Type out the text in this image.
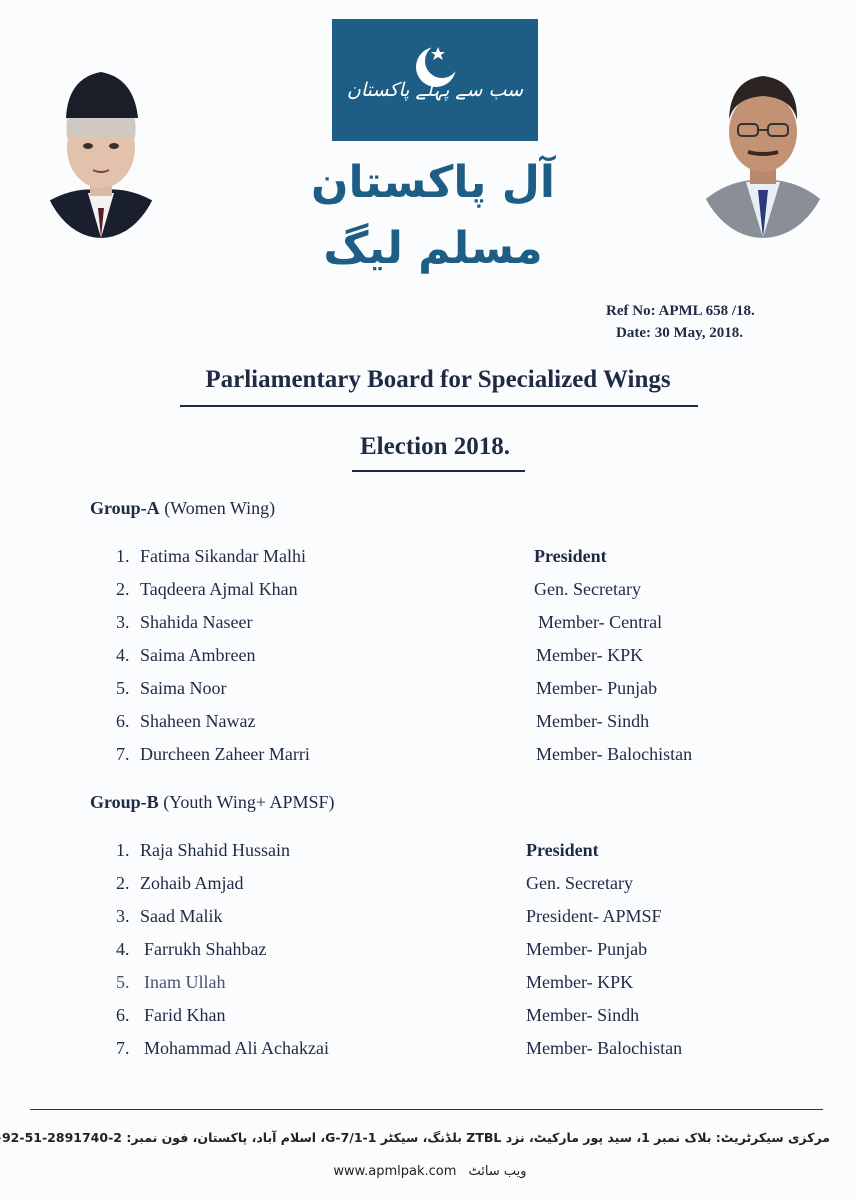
سب سے پہلے پاکستان
آل پاکستان مسلم لیگ
Ref No: APML 658 /18.
Date: 30 May, 2018.
Parliamentary Board for Specialized Wings
Election 2018.
Group-A (Women Wing)
1. Fatima Sikandar Malhi	President
2. Taqdeera Ajmal Khan	Gen. Secretary
3. Shahida Naseer	Member- Central
4. Saima Ambreen	Member- KPK
5. Saima Noor	Member- Punjab
6. Shaheen Nawaz	Member- Sindh
7. Durcheen Zaheer Marri	Member- Balochistan
Group-B (Youth Wing+ APMSF)
1. Raja Shahid Hussain	President
2. Zohaib Amjad	Gen. Secretary
3. Saad Malik	President- APMSF
4. Farrukh Shahbaz	Member- Punjab
5. Inam Ullah	Member- KPK
6. Farid Khan	Member- Sindh
7. Mohammad Ali Achakzai	Member- Balochistan
مرکزی سیکرٹریٹ: بلاک نمبر 1، سید پور مارکیٹ، نزد ZTBL بلڈنگ، سیکٹر G-7/1-1، اسلام آباد، پاکستان، فون نمبر: 2-2891740-51-92
www.apmlpak.com ویب سائٹ
